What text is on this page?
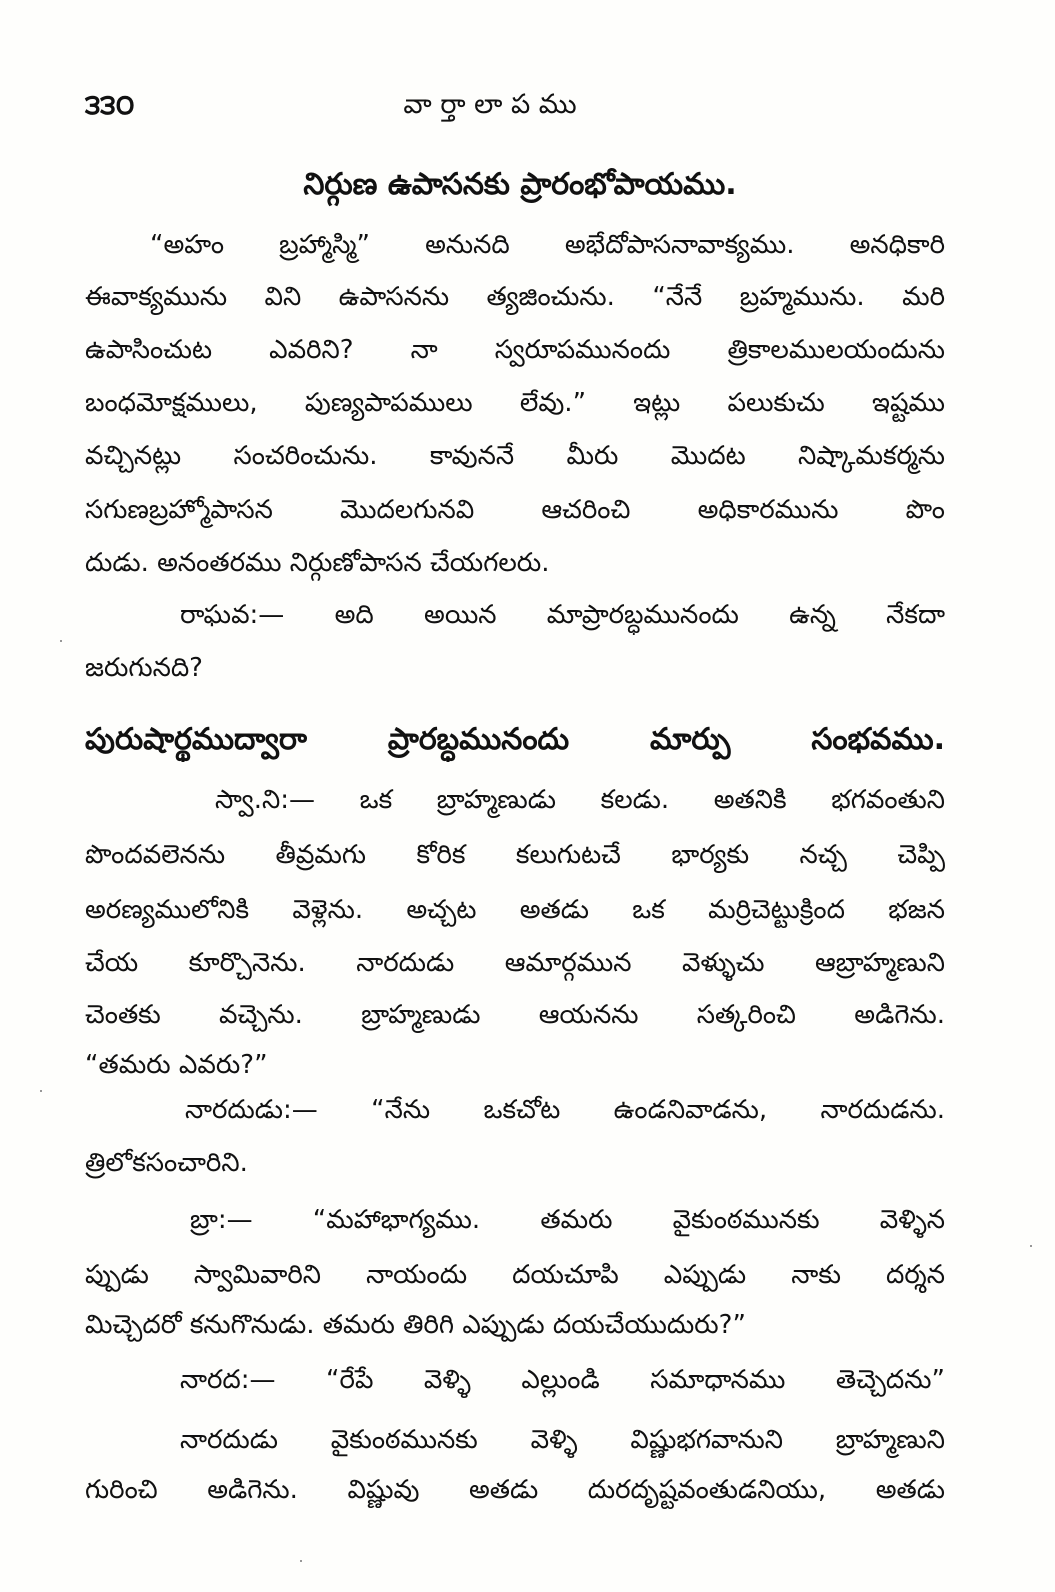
౩౩౦	వా ర్తా లా ప ము
నిర్గుణ ఉపాసనకు ప్రారంభోపాయము.
“అహం బ్రహ్మాస్మి” అనునది అభేదోపాసనావాక్యము. అనధికారి
ఈవాక్యమును విని ఉపాసనను త్యజించును. “నేనే బ్రహ్మమును. మరి
ఉపాసించుట ఎవరిని? నా స్వరూపమునందు త్రికాలములయందును
బంధమోక్షములు, పుణ్యపాపములు లేవు.” ఇట్లు పలుకుచు ఇష్టము
వచ్చినట్లు సంచరించును. కావుననే మీరు మొదట నిష్కామకర్మను
సగుణబ్రహ్మోపాసన మొదలగునవి ఆచరించి అధికారమును పొం
దుడు. అనంతరము నిర్గుణోపాసన చేయగలరు.
రాఘవ:— అది అయిన మాప్రారబ్ధమునందు ఉన్న నేకదా
జరుగునది?
పురుషార్థముద్వారా ప్రారబ్ధమునందు మార్పు సంభవము.
స్వా.ని:— ఒక బ్రాహ్మణుడు కలడు. అతనికి భగవంతుని
పొందవలెనను తీవ్రమగు కోరిక కలుగుటచే భార్యకు నచ్చ చెప్పి
అరణ్యములోనికి వెళ్లెను. అచ్చట అతడు ఒక మర్రిచెట్టుక్రింద భజన
చేయ కూర్చొనెను. నారదుడు ఆమార్గమున వెళ్ళుచు ఆబ్రాహ్మణుని
చెంతకు వచ్చెను. బ్రాహ్మణుడు ఆయనను సత్కరించి అడిగెను.
“తమరు ఎవరు?”
నారదుడు:— “నేను ఒకచోట ఉండనివాడను, నారదుడను.
త్రిలోకసంచారిని.
బ్రా:— “మహాభాగ్యము. తమరు వైకుంఠమునకు వెళ్ళిన
ప్పుడు స్వామివారిని నాయందు దయచూపి ఎప్పుడు నాకు దర్శన
మిచ్చెదరో కనుగొనుడు. తమరు తిరిగి ఎప్పుడు దయచేయుదురు?”
నారద:— “రేపే వెళ్ళి ఎల్లుండి సమాధానము తెచ్చెదను”
నారదుడు వైకుంఠమునకు వెళ్ళి విష్ణుభగవానుని బ్రాహ్మణుని
గురించి అడిగెను. విష్ణువు అతడు దురదృష్టవంతుడనియు, అతడు
